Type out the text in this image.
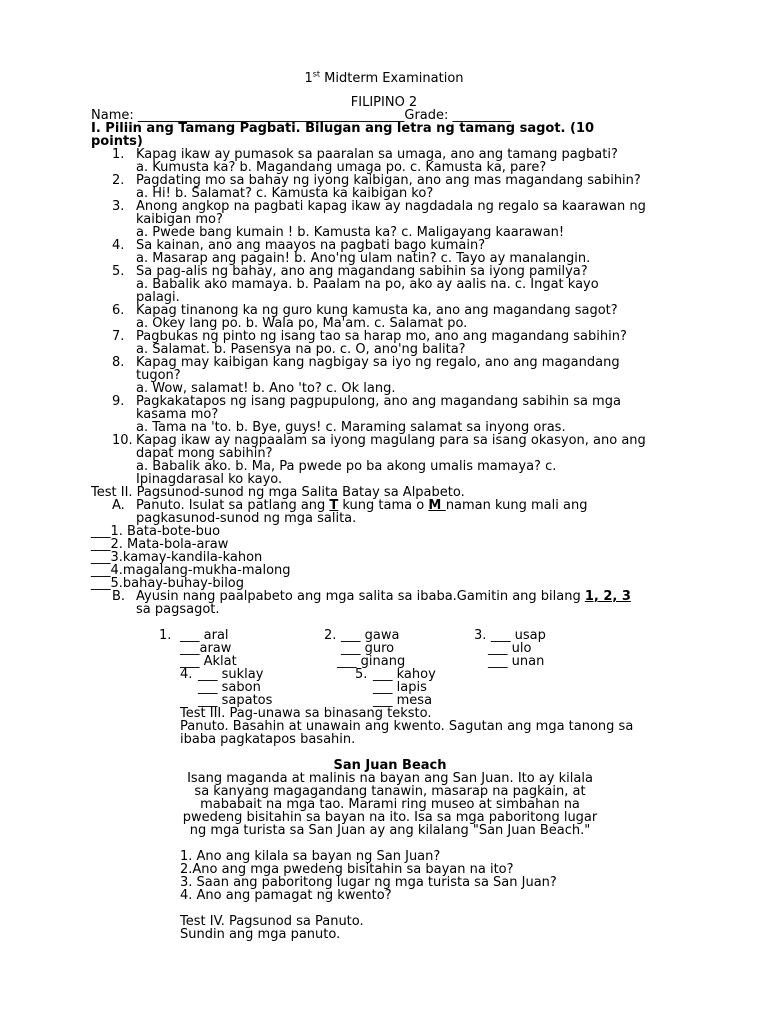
1st Midterm Examination
FILIPINO 2
Name: _________________________________________Grade: _________
I. Piliin ang Tamang Pagbati. Bilugan ang letra ng tamang sagot. (10
points)
1. Kapag ikaw ay pumasok sa paaralan sa umaga, ano ang tamang pagbati?
a. Kumusta ka? b. Magandang umaga po. c. Kamusta ka, pare?
2. Pagdating mo sa bahay ng iyong kaibigan, ano ang mas magandang sabihin?
a. Hi! b. Salamat? c. Kamusta ka kaibigan ko?
3. Anong angkop na pagbati kapag ikaw ay nagdadala ng regalo sa kaarawan ng
kaibigan mo?
a. Pwede bang kumain ! b. Kamusta ka? c. Maligayang kaarawan!
4. Sa kainan, ano ang maayos na pagbati bago kumain?
a. Masarap ang pagain! b. Ano'ng ulam natin? c. Tayo ay manalangin.
5. Sa pag-alis ng bahay, ano ang magandang sabihin sa iyong pamilya?
a. Babalik ako mamaya. b. Paalam na po, ako ay aalis na. c. Ingat kayo
palagi.
6. Kapag tinanong ka ng guro kung kamusta ka, ano ang magandang sagot?
a. Okey lang po. b. Wala po, Ma'am. c. Salamat po.
7. Pagbukas ng pinto ng isang tao sa harap mo, ano ang magandang sabihin?
a. Salamat. b. Pasensya na po. c. O, ano'ng balita?
8. Kapag may kaibigan kang nagbigay sa iyo ng regalo, ano ang magandang
tugon?
a. Wow, salamat! b. Ano 'to? c. Ok lang.
9. Pagkakatapos ng isang pagpupulong, ano ang magandang sabihin sa mga
kasama mo?
a. Tama na 'to. b. Bye, guys! c. Maraming salamat sa inyong oras.
10. Kapag ikaw ay nagpaalam sa iyong magulang para sa isang okasyon, ano ang
dapat mong sabihin?
a. Babalik ako. b. Ma, Pa pwede po ba akong umalis mamaya? c.
Ipinagdarasal ko kayo.
Test II. Pagsunod-sunod ng mga Salita Batay sa Alpabeto.
A. Panuto. Isulat sa patlang ang T kung tama o M naman kung mali ang
pagkasunod-sunod ng mga salita.
___1. Bata-bote-buo
___2. Mata-bola-araw
___3.kamay-kandila-kahon
___4.magalang-mukha-malong
___5.bahay-buhay-bilog
B. Ayusin nang paalpabeto ang mga salita sa ibaba.Gamitin ang bilang 1, 2, 3
sa pagsagot.
1. ___ aral
___araw
___ Aklat
2. ___ gawa
___ guro
___ ginang
3. ___ usap
___ ulo
___ unan
4. ___ suklay
___ sabon
___ sapatos
5. ___ kahoy
___ lapis
___ mesa
Test III. Pag-unawa sa binasang teksto.
Panuto. Basahin at unawain ang kwento. Sagutan ang mga tanong sa
ibaba pagkatapos basahin.
San Juan Beach
Isang maganda at malinis na bayan ang San Juan. Ito ay kilala sa kanyang magagandang tanawin, masarap na pagkain, at mababait na mga tao. Marami ring museo at simbahan na pwedeng bisitahin sa bayan na ito. Isa sa mga paboritong lugar ng mga turista sa San Juan ay ang kilalang "San Juan Beach."
1. Ano ang kilala sa bayan ng San Juan?
2.Ano ang mga pwedeng bisitahin sa bayan na ito?
3. Saan ang paboritong lugar ng mga turista sa San Juan?
4. Ano ang pamagat ng kwento?
Test IV. Pagsunod sa Panuto.
Sundin ang mga panuto.
